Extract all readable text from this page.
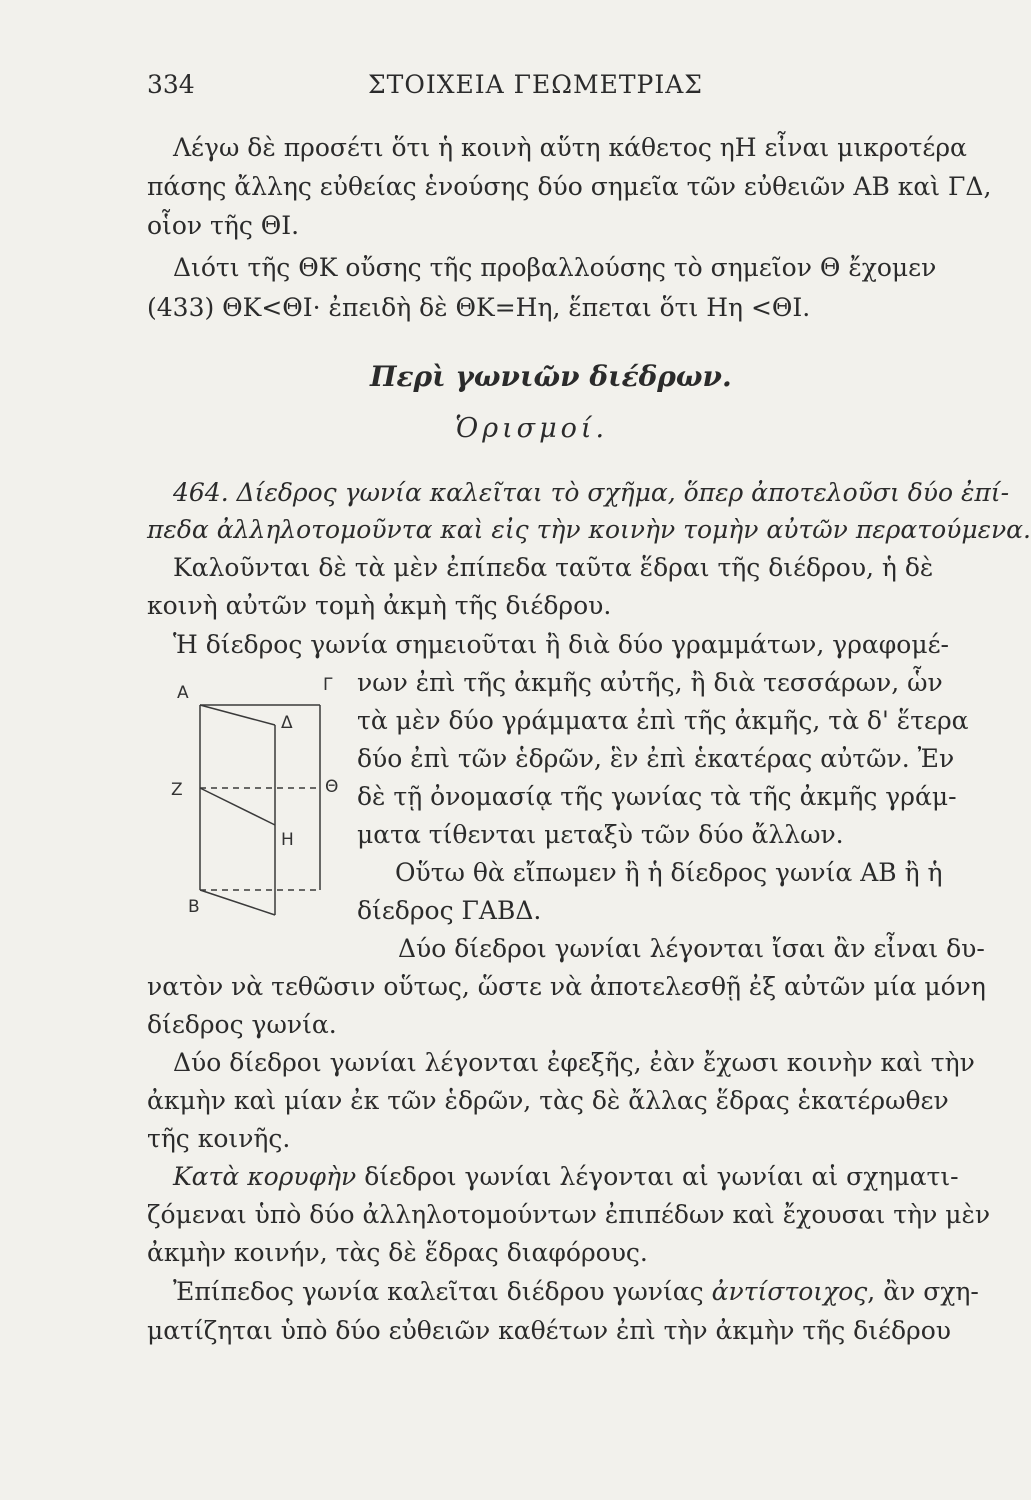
334	ΣΤΟΙΧΕΙΑ ΓΕΩΜΕΤΡΙΑΣ
Λέγω δὲ προσέτι ὅτι ἡ κοινὴ αὕτη κάθετος ηΗ εἶναι μικροτέρα
πάσης ἄλλης εὐθείας ἑνούσης δύο σημεῖα τῶν εὐθειῶν ΑΒ καὶ ΓΔ,
οἷον τῆς ΘΙ.
Διότι τῆς ΘΚ οὔσης τῆς προβαλλούσης τὸ σημεῖον Θ ἔχομεν
(433) ΘΚ<ΘΙ· ἐπειδὴ δὲ ΘΚ=Ηη, ἕπεται ὅτι Ηη <ΘΙ.
Περὶ γωνιῶν διέδρων.
Ὁρισμοί.
464. Δίεδρος γωνία καλεῖται τὸ σχῆμα, ὅπερ ἀποτελοῦσι δύο ἐπί-
πεδα ἀλληλοτομοῦντα καὶ εἰς τὴν κοινὴν τομὴν αὐτῶν περατούμενα.
Καλοῦνται δὲ τὰ μὲν ἐπίπεδα ταῦτα ἕδραι τῆς διέδρου, ἡ δὲ
κοινὴ αὐτῶν τομὴ ἀκμὴ τῆς διέδρου.
Ἡ δίεδρος γωνία σημειοῦται ἢ διὰ δύο γραμμάτων, γραφομέ-
νων ἐπὶ τῆς ἀκμῆς αὐτῆς, ἢ διὰ τεσσάρων, ὧν
τὰ μὲν δύο γράμματα ἐπὶ τῆς ἀκμῆς, τὰ δ' ἕτερα
δύο ἐπὶ τῶν ἑδρῶν, ἓν ἐπὶ ἑκατέρας αὐτῶν. Ἐν
δὲ τῇ ὀνομασίᾳ τῆς γωνίας τὰ τῆς ἀκμῆς γράμ-
ματα τίθενται μεταξὺ τῶν δύο ἄλλων.
Οὕτω θὰ εἴπωμεν ἢ ἡ δίεδρος γωνία ΑΒ ἢ ἡ
δίεδρος ΓΑΒΔ.
Δύο δίεδροι γωνίαι λέγονται ἴσαι ἂν εἶναι δυ-
νατὸν νὰ τεθῶσιν οὕτως, ὥστε νὰ ἀποτελεσθῇ ἐξ αὐτῶν μία μόνη
δίεδρος γωνία.
Δύο δίεδροι γωνίαι λέγονται ἐφεξῆς, ἐὰν ἔχωσι κοινὴν καὶ τὴν
ἀκμὴν καὶ μίαν ἐκ τῶν ἑδρῶν, τὰς δὲ ἄλλας ἕδρας ἑκατέρωθεν
τῆς κοινῆς.
Κατὰ κορυφὴν δίεδροι γωνίαι λέγονται αἱ γωνίαι αἱ σχηματι-
ζόμεναι ὑπὸ δύο ἀλληλοτομούντων ἐπιπέδων καὶ ἔχουσαι τὴν μὲν
ἀκμὴν κοινήν, τὰς δὲ ἕδρας διαφόρους.
Ἐπίπεδος γωνία καλεῖται διέδρου γωνίας ἀντίστοιχος, ἂν σχη-
ματίζηται ὑπὸ δύο εὐθειῶν καθέτων ἐπὶ τὴν ἀκμὴν τῆς διέδρου
A	Γ
Δ
Z	Θ
H
B
